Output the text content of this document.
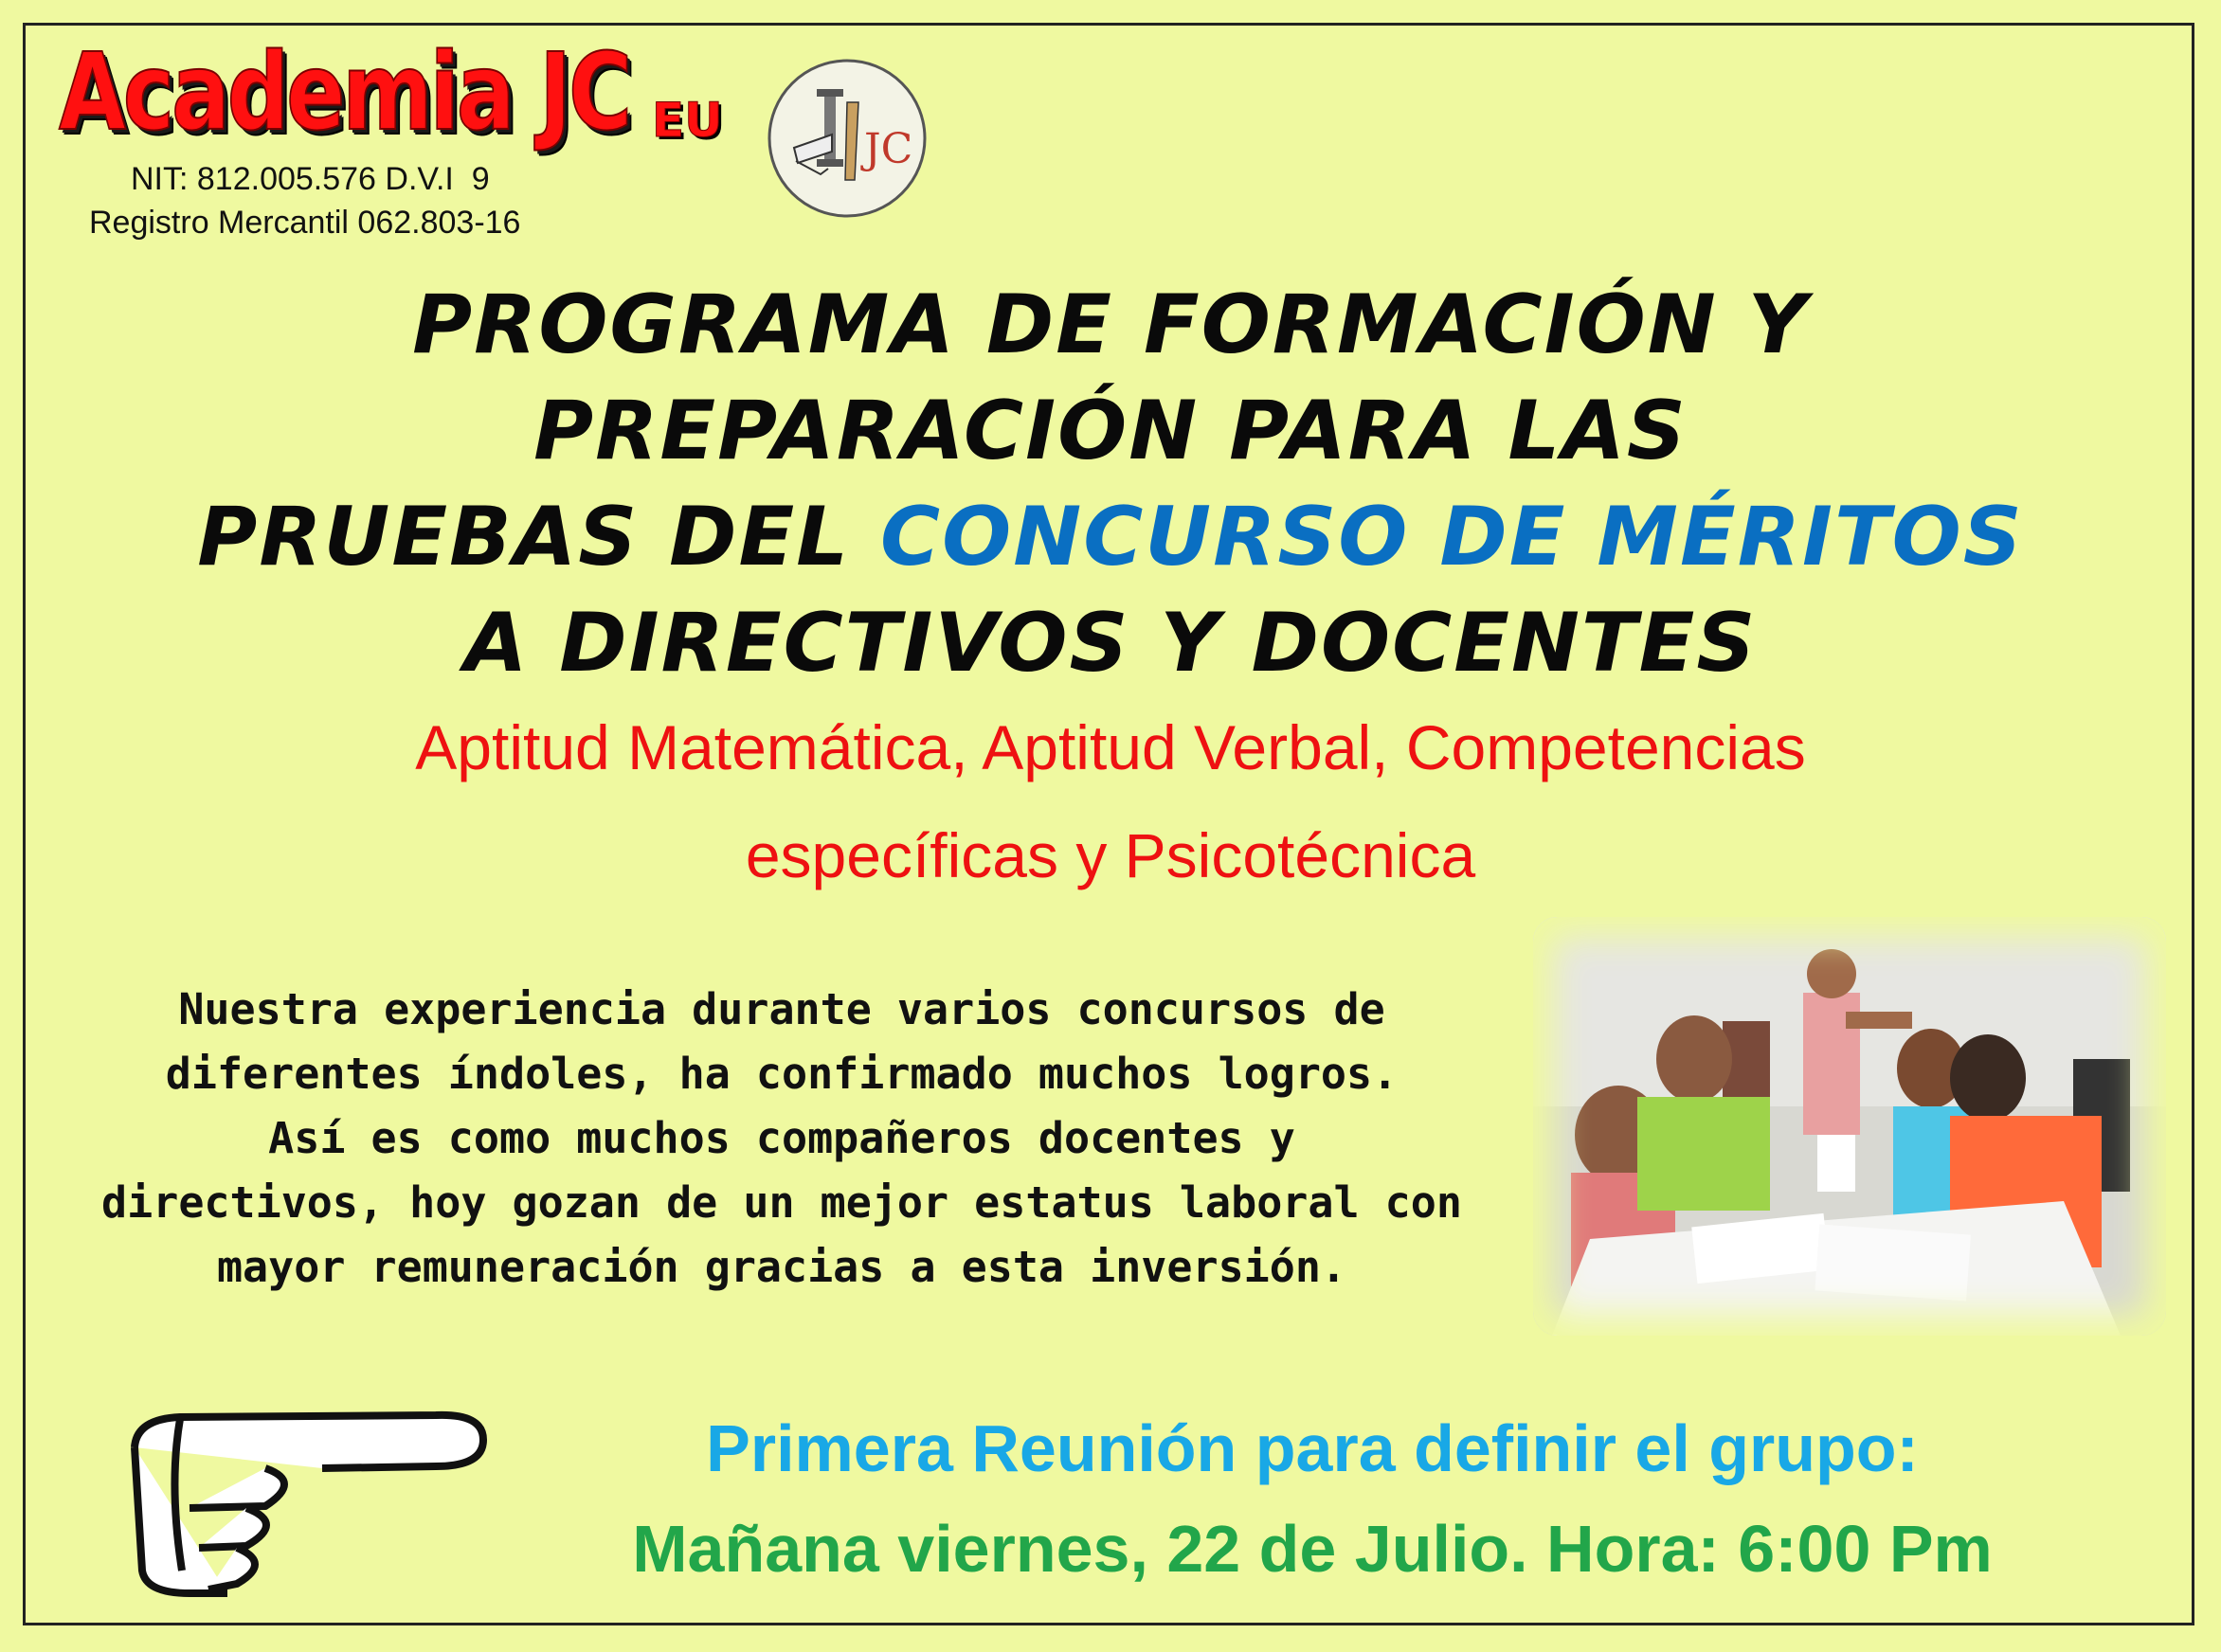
Academia JC EU
JC
NIT: 812.005.576 D.V.I  9
Registro Mercantil 062.803-16
PROGRAMA DE FORMACIÓN Y
PREPARACIÓN PARA LAS
PRUEBAS DEL CONCURSO DE MÉRITOS
A DIRECTIVOS Y DOCENTES
Aptitud Matemática, Aptitud Verbal, Competencias
específicas y Psicotécnica
Nuestra experiencia durante varios concursos de
diferentes índoles, ha confirmado muchos logros.
Así es como muchos compañeros docentes y
directivos, hoy gozan de un mejor estatus laboral con
mayor remuneración gracias a esta inversión.
Primera Reunión para definir el grupo:
Mañana viernes, 22 de Julio. Hora: 6:00 Pm
